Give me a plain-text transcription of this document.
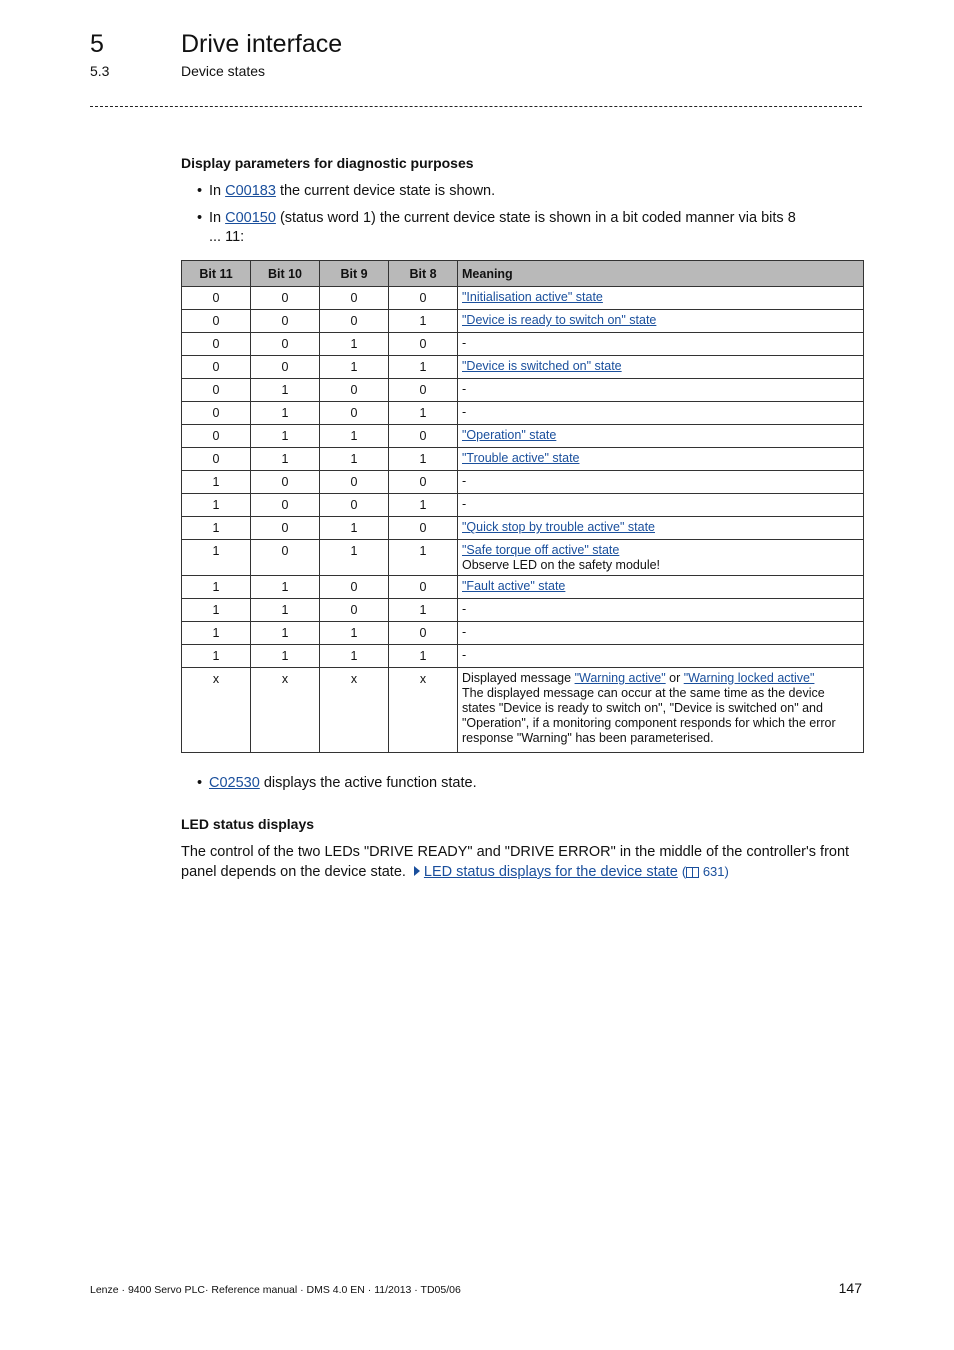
5	Drive interface
5.3	Device states
Display parameters for diagnostic purposes
• In C00183 the current device state is shown.
• In C00150 (status word 1) the current device state is shown in a bit coded manner via bits 8 ... 11:
Bit 11	Bit 10	Bit 9	Bit 8	Meaning
0	0	0	0	"Initialisation active" state
0	0	0	1	"Device is ready to switch on" state
0	0	1	0	-
0	0	1	1	"Device is switched on" state
0	1	0	0	-
0	1	0	1	-
0	1	1	0	"Operation" state
0	1	1	1	"Trouble active" state
1	0	0	0	-
1	0	0	1	-
1	0	1	0	"Quick stop by trouble active" state
1	0	1	1	"Safe torque off active" state
Observe LED on the safety module!
1	1	0	0	"Fault active" state
1	1	0	1	-
1	1	1	0	-
1	1	1	1	-
x	x	x	x	Displayed message "Warning active" or "Warning locked active"

The displayed message can occur at the same time as the device states "Device is ready to switch on", "Device is switched on" and "Operation", if a monitoring component responds for which the error response "Warning" has been parameterised.
• C02530 displays the active function state.
LED status displays
The control of the two LEDs "DRIVE READY" and "DRIVE ERROR" in the middle of the controller's front panel depends on the device state. LED status displays for the device state ( 631)
Lenze · 9400 Servo PLC· Reference manual · DMS 4.0 EN · 11/2013 · TD05/06	147
